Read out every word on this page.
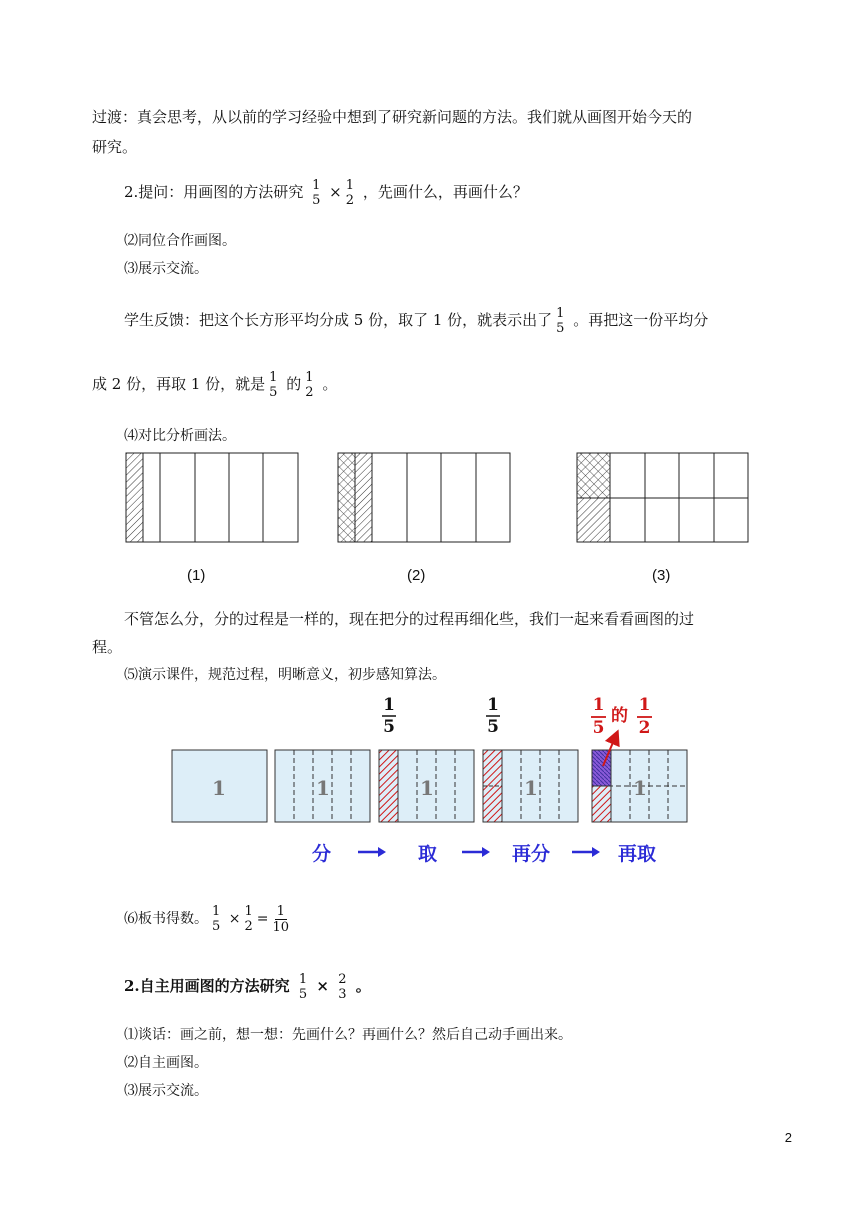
过渡：真会思考，从以前的学习经验中想到了研究新问题的方法。我们就从画图开始今天的
研究。
2.提问：用画图的方法研究 1
5 × 1
2 ，先画什么，再画什么？
⑵同位合作画图。
⑶展示交流。
学生反馈：把这个长方形平均分成 5 份，取了 1 份，就表示出了 1
5 。再把这一份平均分
成 2 份，再取 1 份，就是 1
5 的 1
2 。
⑷对比分析画法。
(1)	(2)	(3)
不管怎么分，分的过程是一样的，现在把分的过程再细化些，我们一起来看看画图的过
程。
⑸演示课件，规范过程，明晰意义，初步感知算法。
1
5
1
5
1
5
的
1
2
1	1	1	1	1
分	取	再分	再取
⑹板书得数。 1
5 × 1
$2 = \frac{1}{10}$
2.自主用画图的方法研究 1
5 × 2
3 。
⑴谈话：画之前，想一想：先画什么？再画什么？然后自己动手画出来。
⑵自主画图。
⑶展示交流。
2
